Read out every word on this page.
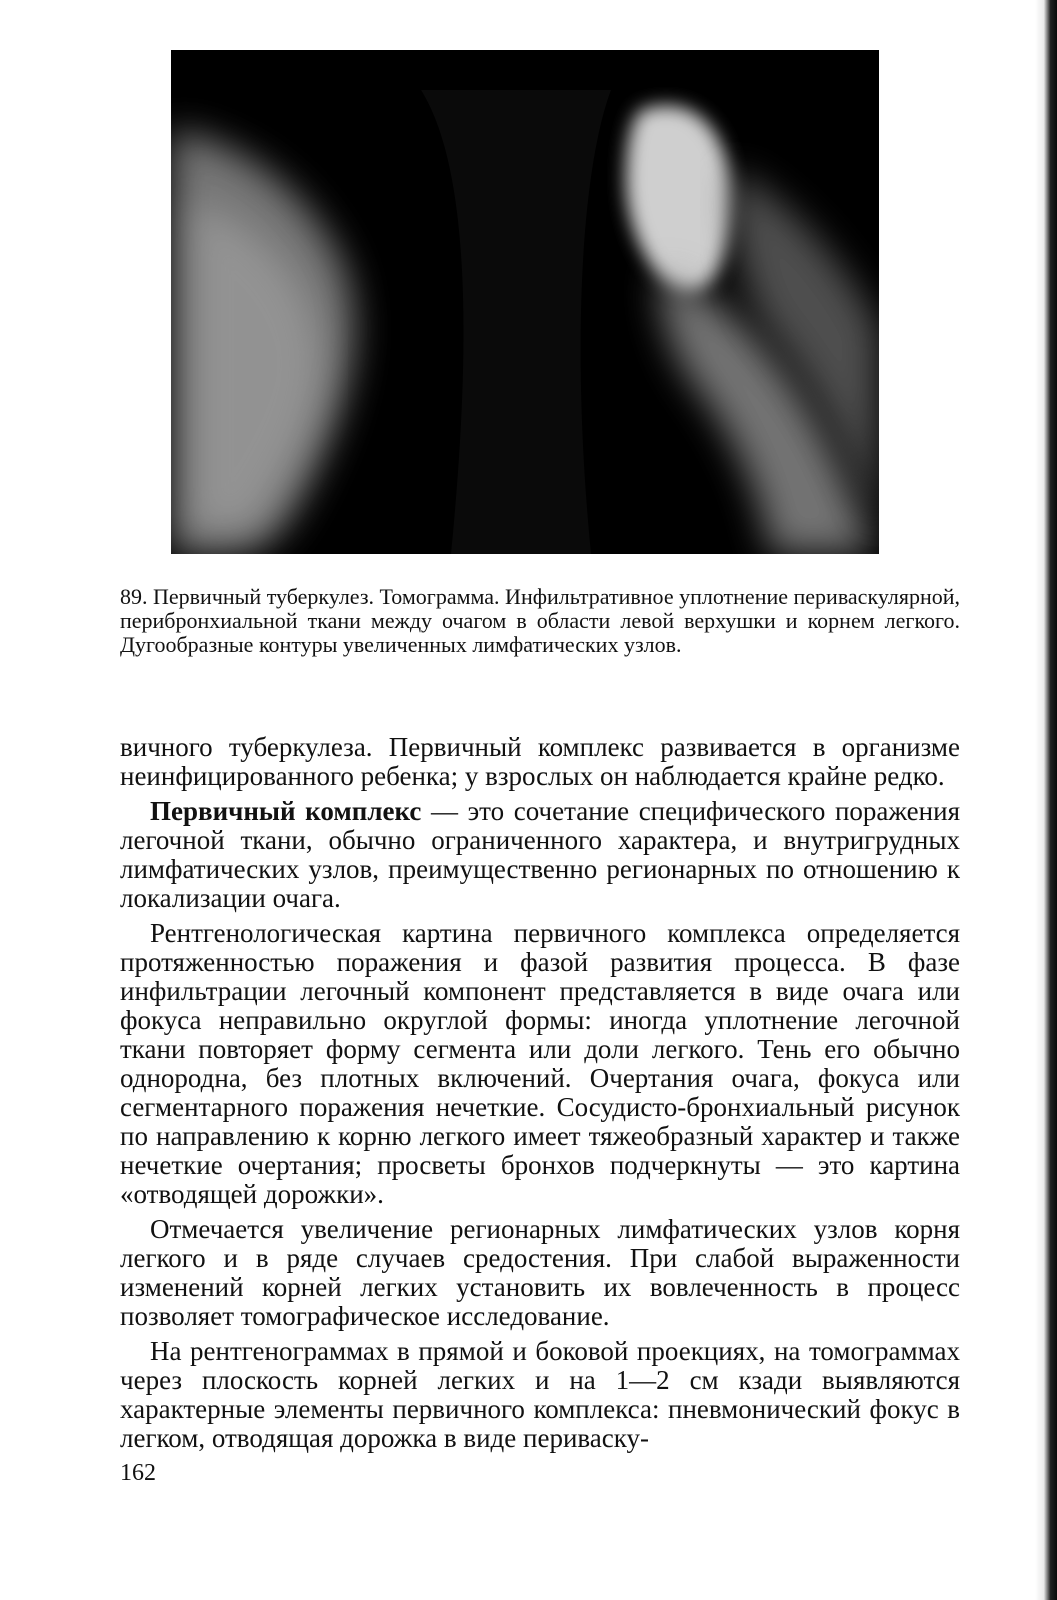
89. Первичный туберкулез. Томограмма. Инфильтративное уплотнение периваскулярной, перибронхиальной ткани между очагом в области левой верхушки и корнем легкого. Дугообразные контуры увеличенных лимфатических узлов.

вичного туберкулеза. Первичный комплекс развивается в организме неинфицированного ребенка; у взрослых он наблюдается крайне редко.

Первичный комплекс — это сочетание специфического поражения легочной ткани, обычно ограниченного характера, и внутригрудных лимфатических узлов, преимущественно регионарных по отношению к локализации очага.

Рентгенологическая картина первичного комплекса определяется протяженностью поражения и фазой развития процесса. В фазе инфильтрации легочный компонент представляется в виде очага или фокуса неправильно округлой формы: иногда уплотнение легочной ткани повторяет форму сегмента или доли легкого. Тень его обычно однородна, без плотных включений. Очертания очага, фокуса или сегментарного поражения нечеткие. Сосудисто-бронхиальный рисунок по направлению к корню легкого имеет тяжеобразный характер и также нечеткие очертания; просветы бронхов подчеркнуты — это картина «отводящей дорожки».

Отмечается увеличение регионарных лимфатических узлов корня легкого и в ряде случаев средостения. При слабой выраженности изменений корней легких установить их вовлеченность в процесс позволяет томографическое исследование.

На рентгенограммах в прямой и боковой проекциях, на томограммах через плоскость корней легких и на 1—2 см кзади выявляются характерные элементы первичного комплекса: пневмонический фокус в легком, отводящая дорожка в виде периваску-

162
